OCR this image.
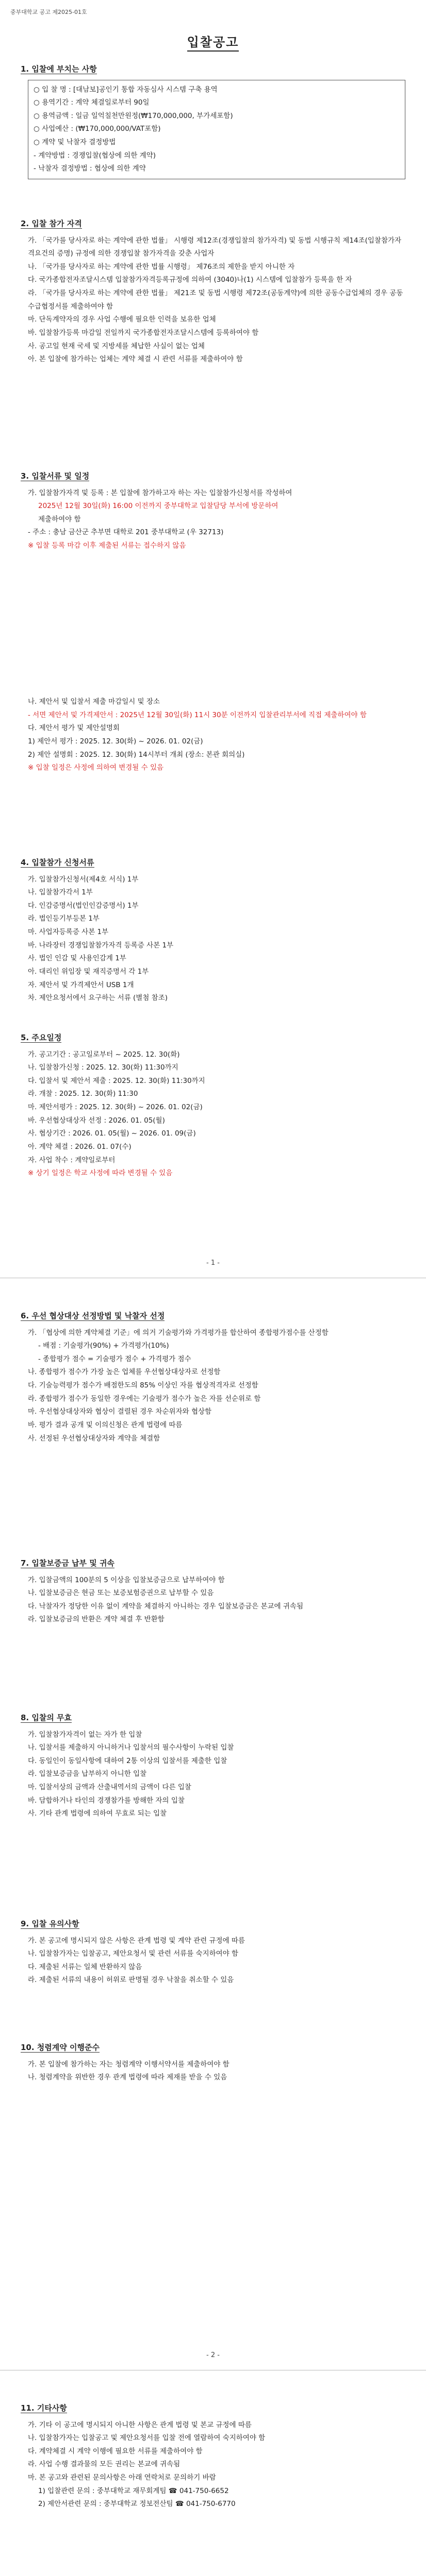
중부대학교 공고 제2025-01호
입찰공고
1. 입찰에 부치는 사항
○ 입 찰 명 : [대남보]공인기 통합 자동심사 시스템 구축 용역
○ 용역기간 : 계약 체결일로부터 90일
○ 용역금액 : 일금 일억칠천만원정(₩170,000,000, 부가세포함)
○ 사업예산 : (₩170,000,000/VAT포함)
○ 계약 및 낙찰자 결정방법
- 계약방법 : 경쟁입찰(협상에 의한 계약)
- 낙찰자 결정방법 : 협상에 의한 계약
2. 입찰 참가 자격
가. 「국가를 당사자로 하는 계약에 관한 법률」 시행령 제12조(경쟁입찰의 참가자격) 및 동법 시행규칙 제14조(입찰참가자격요건의 증명) 규정에 의한 경쟁입찰 참가자격을 갖춘 사업자
나. 「국가를 당사자로 하는 계약에 관한 법률 시행령」 제76조의 제한을 받지 아니한 자
다. 국가종합전자조달시스템 입찰참가자격등록규정에 의하여 (3040)나(1) 시스템에 입찰참가 등록을 한 자
라. 「국가를 당사자로 하는 계약에 관한 법률」 제21조 및 동법 시행령 제72조(공동계약)에 의한 공동수급업체의 경우 공동수급협정서를 제출하여야 함
마. 단독계약자의 경우 사업 수행에 필요한 인력을 보유한 업체
바. 입찰참가등록 마감일 전일까지 국가종합전자조달시스템에 등록하여야 함
사. 공고일 현재 국세 및 지방세를 체납한 사실이 없는 업체
아. 본 입찰에 참가하는 업체는 계약 체결 시 관련 서류를 제출하여야 함
3. 입찰서류 및 일정
가. 입찰참가자격 및 등록 : 본 입찰에 참가하고자 하는 자는 입찰참가신청서를 작성하여
2025년 12월 30일(화) 16:00 이전까지 중부대학교 입찰담당 부서에 방문하여
제출하여야 함
- 주소 : 충남 금산군 추부면 대학로 201 중부대학교 (우 32713)
※ 입찰 등록 마감 이후 제출된 서류는 접수하지 않음
나. 제안서 및 입찰서 제출 마감일시 및 장소
- 서면 제안서 및 가격제안서 : 2025년 12월 30일(화) 11시 30분 이전까지 입찰관리부서에 직접 제출하여야 함
다. 제안서 평가 및 제안설명회
1) 제안서 평가 : 2025. 12. 30(화) ~ 2026. 01. 02(금)
2) 제안 설명회 : 2025. 12. 30(화) 14시부터 개최 (장소: 본관 회의실)
※ 입찰 일정은 사정에 의하여 변경될 수 있음
4. 입찰참가 신청서류
가. 입찰참가신청서(제4호 서식) 1부
나. 입찰참가각서 1부
다. 인감증명서(법인인감증명서) 1부
라. 법인등기부등본 1부
마. 사업자등록증 사본 1부
바. 나라장터 경쟁입찰참가자격 등록증 사본 1부
사. 법인 인감 및 사용인감계 1부
아. 대리인 위임장 및 재직증명서 각 1부
자. 제안서 및 가격제안서 USB 1개
차. 제안요청서에서 요구하는 서류 (별첨 참조)
5. 주요일정
가. 공고기간 : 공고일로부터 ~ 2025. 12. 30(화)
나. 입찰참가신청 : 2025. 12. 30(화) 11:30까지
다. 입찰서 및 제안서 제출 : 2025. 12. 30(화) 11:30까지
라. 개찰 : 2025. 12. 30(화) 11:30
마. 제안서평가 : 2025. 12. 30(화) ~ 2026. 01. 02(금)
바. 우선협상대상자 선정 : 2026. 01. 05(월)
사. 협상기간 : 2026. 01. 05(월) ~ 2026. 01. 09(금)
아. 계약 체결 : 2026. 01. 07(수)
자. 사업 착수 : 계약일로부터
※ 상기 일정은 학교 사정에 따라 변경될 수 있음
- 1 -
6. 우선 협상대상 선정방법 및 낙찰자 선정
가. 「협상에 의한 계약체결 기준」에 의거 기술평가와 가격평가를 합산하여 종합평가점수를 산정함
- 배점 : 기술평가(90%) + 가격평가(10%)
- 종합평가 점수 = 기술평가 점수 + 가격평가 점수
나. 종합평가 점수가 가장 높은 업체를 우선협상대상자로 선정함
다. 기술능력평가 점수가 배점한도의 85% 이상인 자를 협상적격자로 선정함
라. 종합평가 점수가 동일한 경우에는 기술평가 점수가 높은 자를 선순위로 함
마. 우선협상대상자와 협상이 결렬된 경우 차순위자와 협상함
바. 평가 결과 공개 및 이의신청은 관계 법령에 따름
사. 선정된 우선협상대상자와 계약을 체결함
7. 입찰보증금 납부 및 귀속
가. 입찰금액의 100분의 5 이상을 입찰보증금으로 납부하여야 함
나. 입찰보증금은 현금 또는 보증보험증권으로 납부할 수 있음
다. 낙찰자가 정당한 이유 없이 계약을 체결하지 아니하는 경우 입찰보증금은 본교에 귀속됨
라. 입찰보증금의 반환은 계약 체결 후 반환함
8. 입찰의 무효
가. 입찰참가자격이 없는 자가 한 입찰
나. 입찰서를 제출하지 아니하거나 입찰서의 필수사항이 누락된 입찰
다. 동일인이 동일사항에 대하여 2통 이상의 입찰서를 제출한 입찰
라. 입찰보증금을 납부하지 아니한 입찰
마. 입찰서상의 금액과 산출내역서의 금액이 다른 입찰
바. 담합하거나 타인의 경쟁참가를 방해한 자의 입찰
사. 기타 관계 법령에 의하여 무효로 되는 입찰
9. 입찰 유의사항
가. 본 공고에 명시되지 않은 사항은 관계 법령 및 계약 관련 규정에 따름
나. 입찰참가자는 입찰공고, 제안요청서 및 관련 서류를 숙지하여야 함
다. 제출된 서류는 일체 반환하지 않음
라. 제출된 서류의 내용이 허위로 판명될 경우 낙찰을 취소할 수 있음
10. 청렴계약 이행준수
가. 본 입찰에 참가하는 자는 청렴계약 이행서약서를 제출하여야 함
나. 청렴계약을 위반한 경우 관계 법령에 따라 제재를 받을 수 있음
- 2 -
11. 기타사항
가. 기타 이 공고에 명시되지 아니한 사항은 관계 법령 및 본교 규정에 따름
나. 입찰참가자는 입찰공고 및 제안요청서를 입찰 전에 열람하여 숙지하여야 함
다. 계약체결 시 계약 이행에 필요한 서류를 제출하여야 함
라. 사업 수행 결과물의 모든 권리는 본교에 귀속됨
마. 본 공고와 관련된 문의사항은 아래 연락처로 문의하기 바람
1) 입찰관련 문의 : 중부대학교 재무회계팀 ☎ 041-750-6652
2) 제안서관련 문의 : 중부대학교 정보전산팀 ☎ 041-750-6770
